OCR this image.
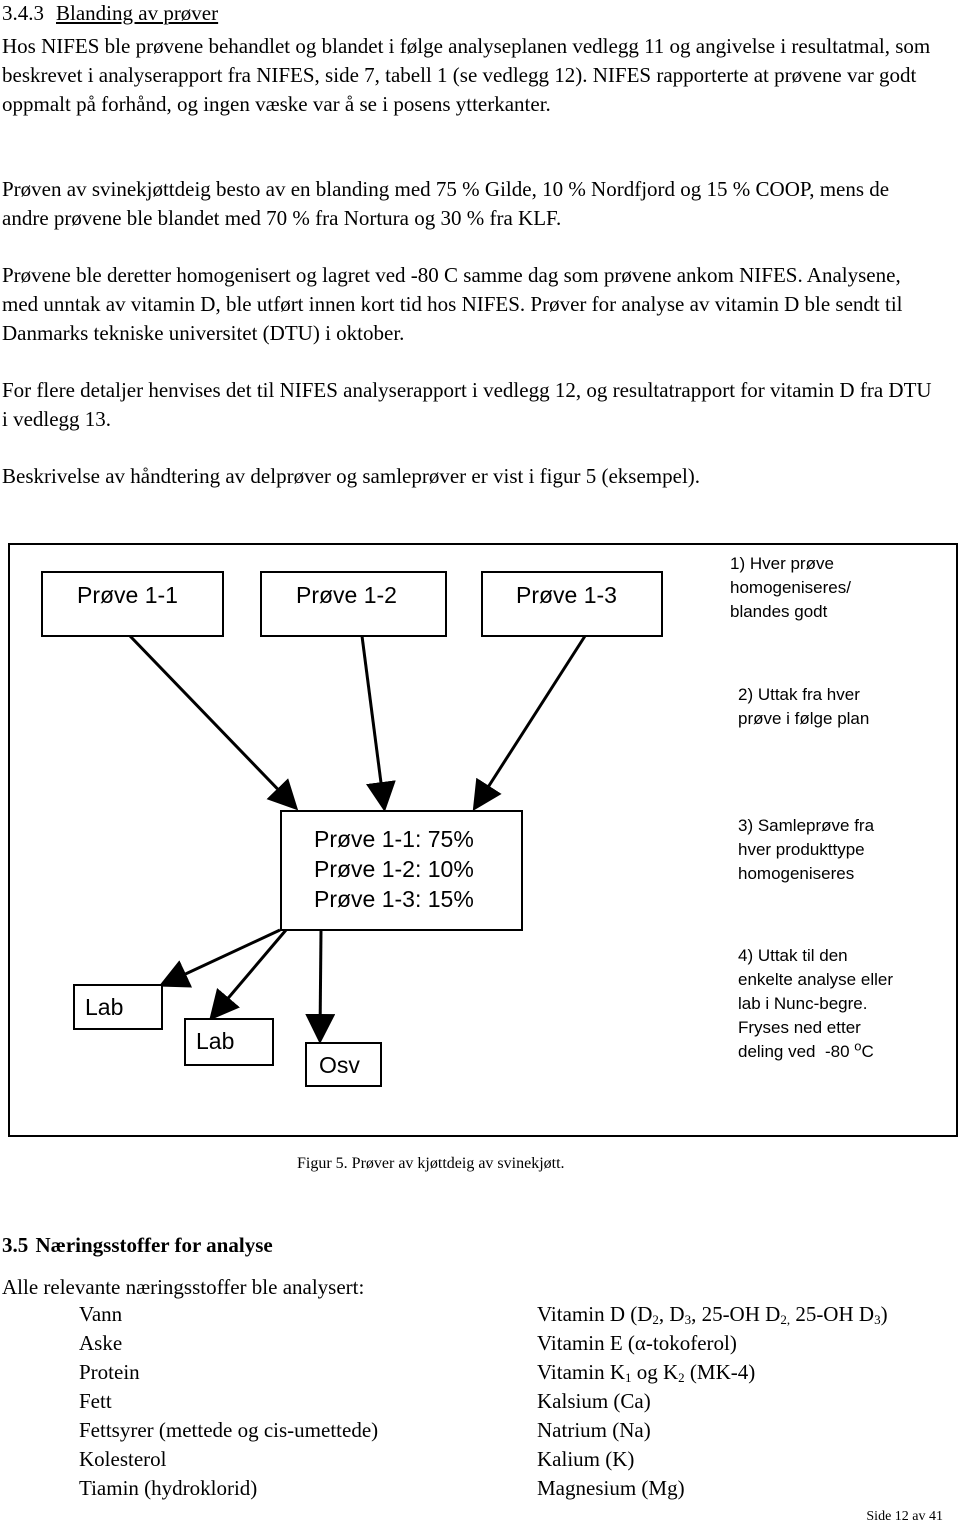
3.4.3 Blanding av prøver

Hos NIFES ble prøvene behandlet og blandet i følge analyseplanen vedlegg 11 og angivelse i resultatmal, som beskrevet i analyserapport fra NIFES, side 7, tabell 1 (se vedlegg 12). NIFES rapporterte at prøvene var godt oppmalt på forhånd, og ingen væske var å se i posens ytterkanter.

Prøven av svinekjøttdeig besto av en blanding med 75 % Gilde, 10 % Nordfjord og 15 % COOP, mens de andre prøvene ble blandet med 70 % fra Nortura og 30 % fra KLF.

Prøvene ble deretter homogenisert og lagret ved -80 C samme dag som prøvene ankom NIFES. Analysene, med unntak av vitamin D, ble utført innen kort tid hos NIFES. Prøver for analyse av vitamin D ble sendt til Danmarks tekniske universitet (DTU) i oktober.

For flere detaljer henvises det til NIFES analyserapport i vedlegg 12, og resultatrapport for vitamin D fra DTU i vedlegg 13.

Beskrivelse av håndtering av delprøver og samleprøver er vist i figur 5 (eksempel).

Prøve 1-1	Prøve 1-2	Prøve 1-3
Prøve 1-1: 75%
Prøve 1-2: 10%
Prøve 1-3: 15%
Lab
Lab
Osv
1) Hver prøve
homogeniseres/
blandes godt
2) Uttak fra hver
prøve i følge plan
3) Samleprøve fra
hver produkttype
homogeniseres
4) Uttak til den
enkelte analyse eller
lab i Nunc-begre.
Fryses ned etter
deling ved  -80 $^o$C
Figur 5. Prøver av kjøttdeig av svinekjøtt.
3.5 Næringsstoffer for analyse
Alle relevante næringsstoffer ble analysert:
Vann
Aske
Protein
Fett
Fettsyrer (mettede og cis-umettede)
Kolesterol
Tiamin (hydroklorid)
Vitamin D ($D_2$, $D_3$, 25-OH $D_{2,}$ 25-OH $D_3$)
Vitamin E (α-tokoferol)
Vitamin $K_1$ og $K_2$ (MK-4)
Kalsium (Ca)
Natrium (Na)
Kalium (K)
Magnesium (Mg)
Side 12 av 41
